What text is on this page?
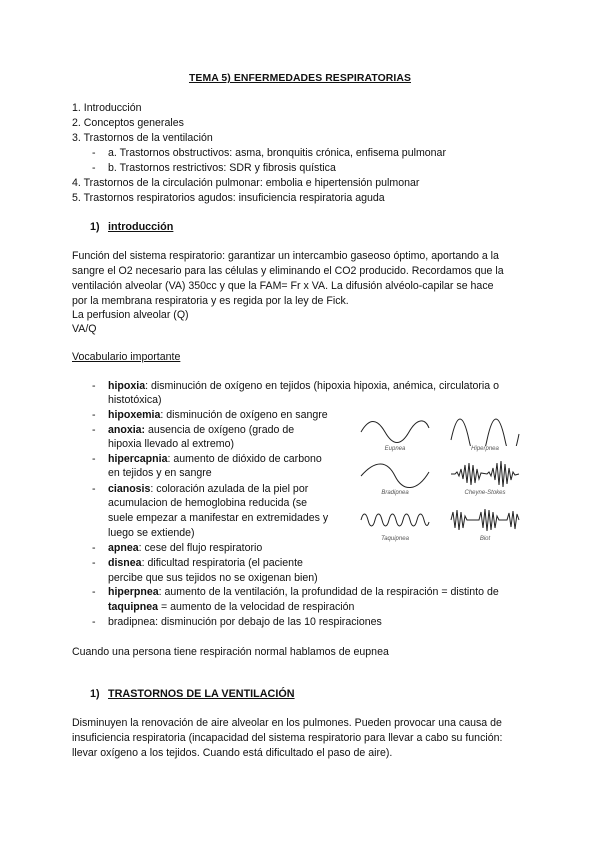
TEMA 5) ENFERMEDADES RESPIRATORIAS
1. Introducción
2. Conceptos generales
3. Trastornos de la ventilación
- a. Trastornos obstructivos: asma, bronquitis crónica, enfisema pulmonar
- b. Trastornos restrictivos: SDR y fibrosis quística
4. Trastornos de la circulación pulmonar: embolia e hipertensión pulmonar
5. Trastornos respiratorios agudos: insuficiencia respiratoria aguda
1) introducción
Función del sistema respiratorio: garantizar un intercambio gaseoso óptimo, aportando a la
sangre el O2 necesario para las células y eliminando el CO2 producido. Recordamos que la
ventilación alveolar (VA) 350cc y que la FAM= Fr x VA. La difusión alvéolo-capilar se hace
por la membrana respiratoria y es regida por la ley de Fick.
La perfusion alveolar (Q)
VA/Q
Vocabulario importante
- hipoxia: disminución de oxígeno en tejidos (hipoxia hipoxia, anémica, circulatoria o
histotóxica)
- hipoxemia: disminución de oxígeno en sangre
- anoxia: ausencia de oxígeno (grado de
hipoxia llevado al extremo)
- hipercapnia: aumento de dióxido de carbono
en tejidos y en sangre
- cianosis: coloración azulada de la piel por
acumulacion de hemoglobina reducida (se
suele empezar a manifestar en extremidades y
luego se extiende)
- apnea: cese del flujo respiratorio
- disnea: dificultad respiratoria (el paciente
percibe que sus tejidos no se oxigenan bien)
- hiperpnea: aumento de la ventilación, la profundidad de la respiración = distinto de
taquipnea = aumento de la velocidad de respiración
- bradipnea: disminución por debajo de las 10 respiraciones
Eupnea	Hiperpnea
Bradipnea	Cheyne-Stokes
Taquipnea	Biot
Cuando una persona tiene respiración normal hablamos de eupnea
1) TRASTORNOS DE LA VENTILACIÓN
Disminuyen la renovación de aire alveolar en los pulmones. Pueden provocar una causa de
insuficiencia respiratoria (incapacidad del sistema respiratorio para llevar a cabo su función:
llevar oxígeno a los tejidos. Cuando está dificultado el paso de aire).
